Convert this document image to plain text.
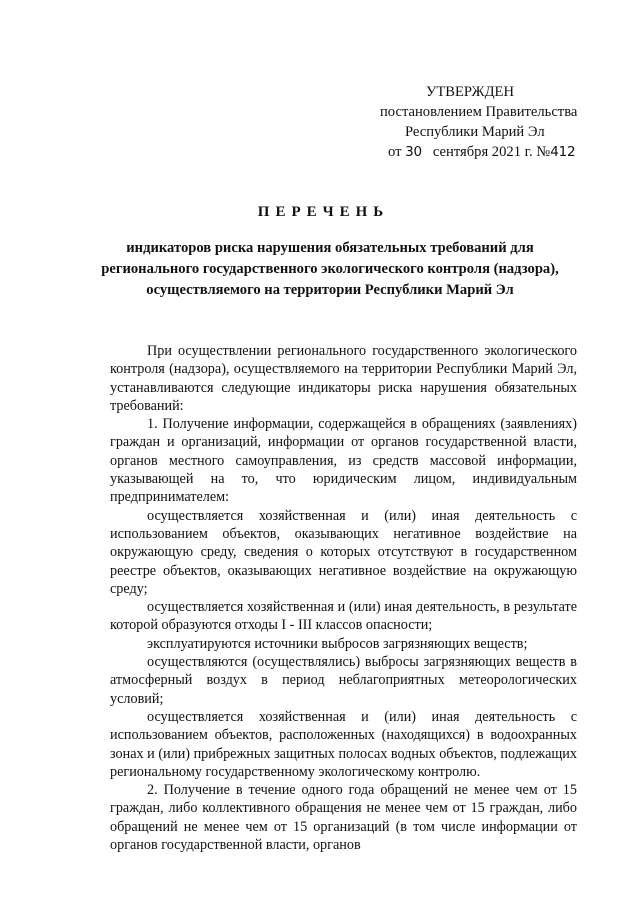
УТВЕРЖДЕН
постановлением Правительства
Республики Марий Эл
от 30 сентября 2021 г. №412
ПЕРЕЧЕНЬ
индикаторов риска нарушения обязательных требований для регионального государственного экологического контроля (надзора), осуществляемого на территории Республики Марий Эл

При осуществлении регионального государственного экологического контроля (надзора), осуществляемого на территории Республики Марий Эл, устанавливаются следующие индикаторы риска нарушения обязательных требований:

1. Получение информации, содержащейся в обращениях (заявлениях) граждан и организаций, информации от органов государственной власти, органов местного самоуправления, из средств массовой информации, указывающей на то, что юридическим лицом, индивидуальным предпринимателем:

осуществляется хозяйственная и (или) иная деятельность с использованием объектов, оказывающих негативное воздействие на окружающую среду, сведения о которых отсутствуют в государственном реестре объектов, оказывающих негативное воздействие на окружающую среду;

осуществляется хозяйственная и (или) иная деятельность, в результате которой образуются отходы I - III классов опасности;

эксплуатируются источники выбросов загрязняющих веществ;

осуществляются (осуществлялись) выбросы загрязняющих веществ в атмосферный воздух в период неблагоприятных метеорологических условий;

осуществляется хозяйственная и (или) иная деятельность с использованием объектов, расположенных (находящихся) в водоохранных зонах и (или) прибрежных защитных полосах водных объектов, подлежащих региональному государственному экологическому контролю.

2. Получение в течение одного года обращений не менее чем от 15 граждан, либо коллективного обращения не менее чем от 15 граждан, либо обращений не менее чем от 15 организаций (в том числе информации от органов государственной власти, органов
